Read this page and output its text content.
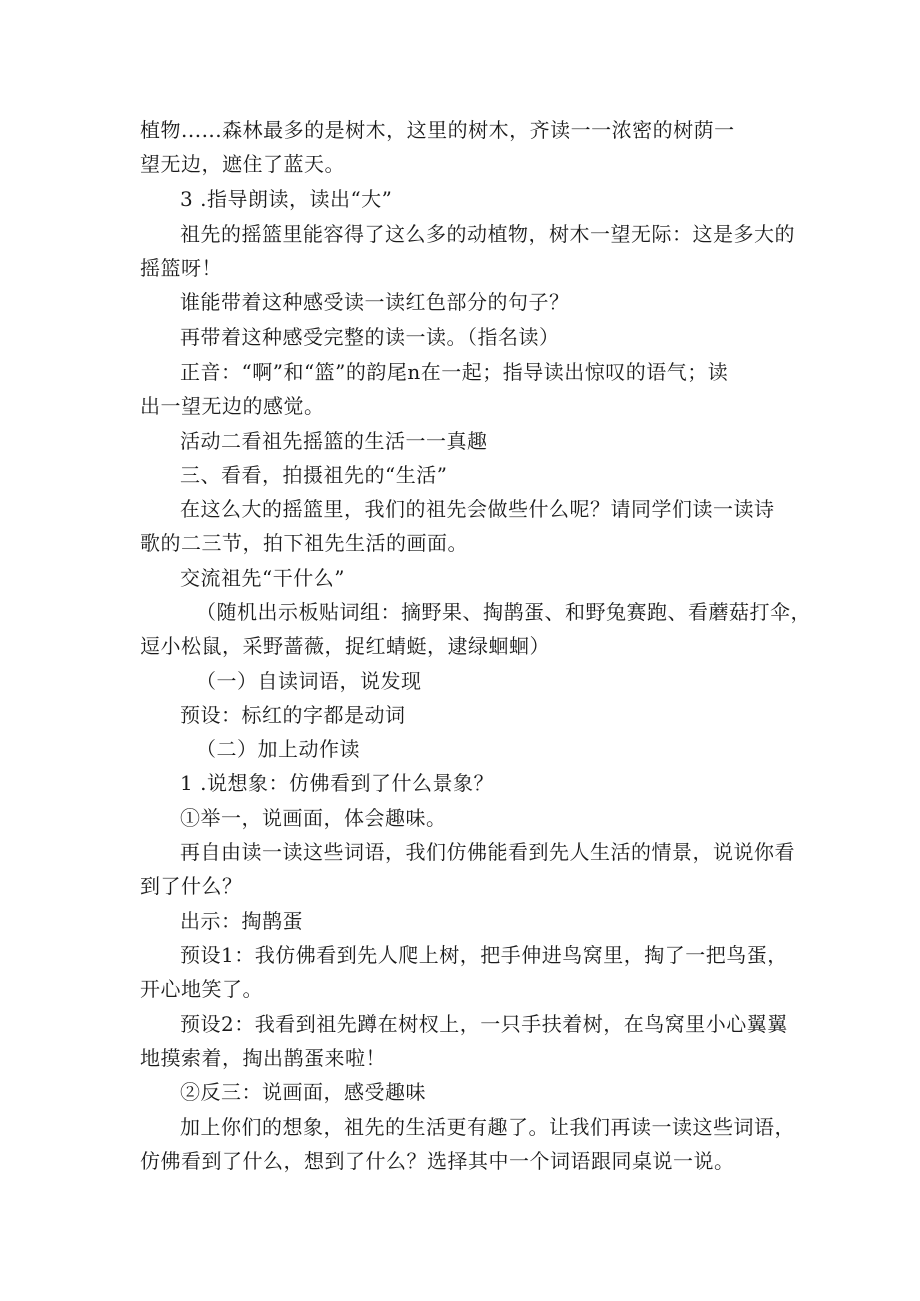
植物......森林最多的是树木，这里的树木，齐读一一浓密的树荫一
望无边，遮住了蓝天。
3 .指导朗读，读出“大”
祖先的摇篮里能容得了这么多的动植物，树木一望无际：这是多大的
摇篮呀！
谁能带着这种感受读一读红色部分的句子？
再带着这种感受完整的读一读。（指名读）
正音：“啊”和“篮”的韵尾n在一起；指导读出惊叹的语气；读
出一望无边的感觉。
活动二看祖先摇篮的生活一一真趣
三、看看，拍摄祖先的“生活”
在这么大的摇篮里，我们的祖先会做些什么呢？请同学们读一读诗
歌的二三节，拍下祖先生活的画面。
交流祖先“干什么”
（随机出示板贴词组：摘野果、掏鹊蛋、和野兔赛跑、看蘑菇打伞，
逗小松鼠，采野蔷薇，捉红蜻蜓，逮绿蛔蛔）
（一）自读词语，说发现
预设：标红的字都是动词
（二）加上动作读
1 .说想象：仿佛看到了什么景象？
①举一，说画面，体会趣味。
再自由读一读这些词语，我们仿佛能看到先人生活的情景，说说你看
到了什么？
出示：掏鹊蛋
预设1：我仿佛看到先人爬上树，把手伸进鸟窝里，掏了一把鸟蛋，
开心地笑了。
预设2：我看到祖先蹲在树杈上，一只手扶着树，在鸟窝里小心翼翼
地摸索着，掏出鹊蛋来啦！
②反三：说画面，感受趣味
加上你们的想象，祖先的生活更有趣了。让我们再读一读这些词语，
仿佛看到了什么，想到了什么？选择其中一个词语跟同桌说一说。
